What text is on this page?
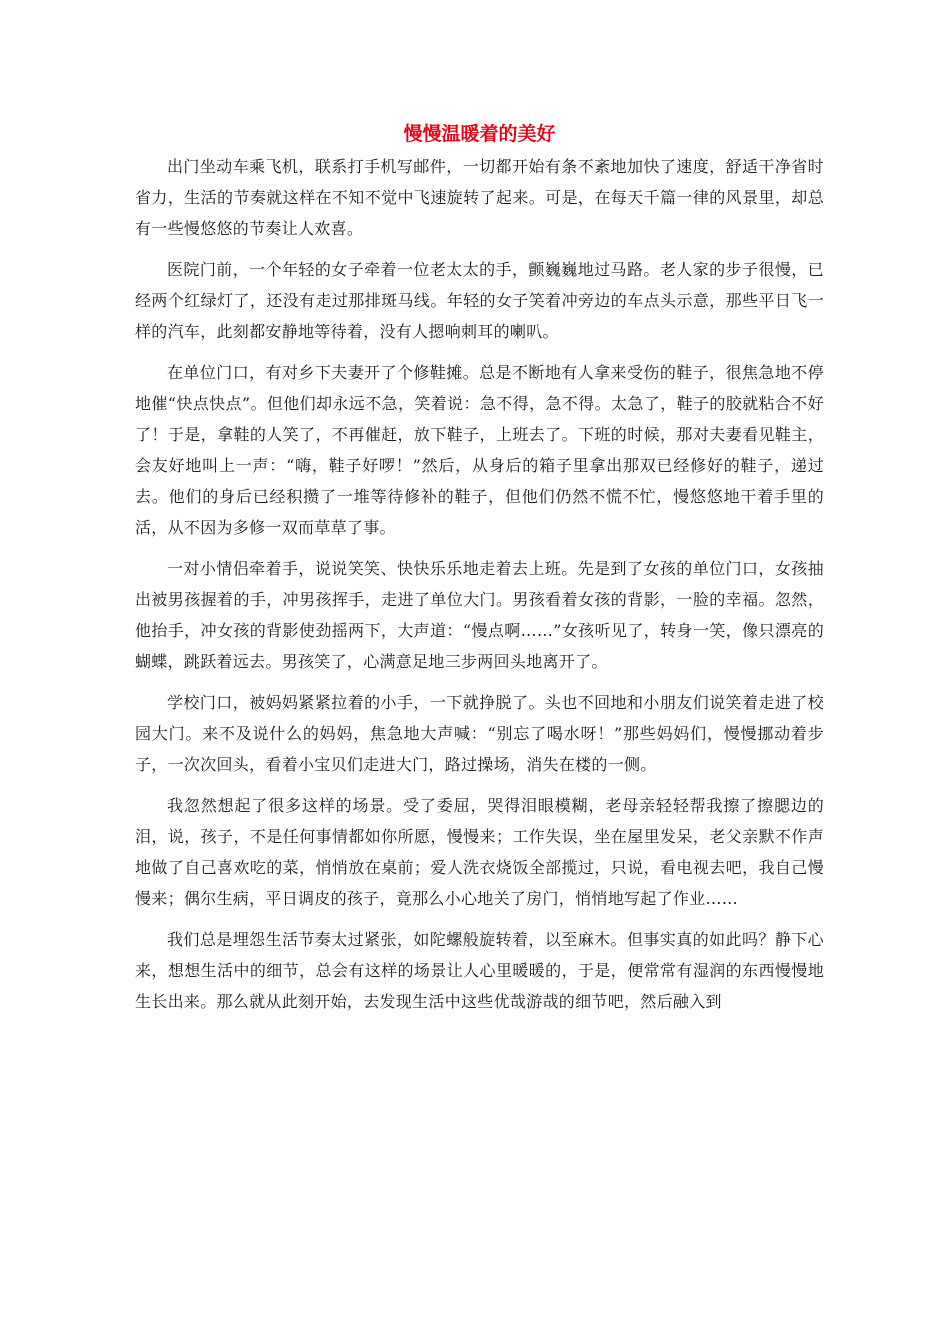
慢慢温暖着的美好

出门坐动车乘飞机，联系打手机写邮件，一切都开始有条不紊地加快了速度，舒适干净省时省力，生活的节奏就这样在不知不觉中飞速旋转了起来。可是，在每天千篇一律的风景里，却总有一些慢悠悠的节奏让人欢喜。

医院门前，一个年轻的女子牵着一位老太太的手，颤巍巍地过马路。老人家的步子很慢，已经两个红绿灯了，还没有走过那排斑马线。年轻的女子笑着冲旁边的车点头示意，那些平日飞一样的汽车，此刻都安静地等待着，没有人摁响刺耳的喇叭。

在单位门口，有对乡下夫妻开了个修鞋摊。总是不断地有人拿来受伤的鞋子，很焦急地不停地催“快点快点”。但他们却永远不急，笑着说：急不得，急不得。太急了，鞋子的胶就粘合不好了！于是，拿鞋的人笑了，不再催赶，放下鞋子，上班去了。下班的时候，那对夫妻看见鞋主，会友好地叫上一声：“嗨，鞋子好啰！”然后，从身后的箱子里拿出那双已经修好的鞋子，递过去。他们的身后已经积攒了一堆等待修补的鞋子，但他们仍然不慌不忙，慢悠悠地干着手里的活，从不因为多修一双而草草了事。

一对小情侣牵着手，说说笑笑、快快乐乐地走着去上班。先是到了女孩的单位门口，女孩抽出被男孩握着的手，冲男孩挥手，走进了单位大门。男孩看着女孩的背影，一脸的幸福。忽然，他抬手，冲女孩的背影使劲摇两下，大声道：“慢点啊……”女孩听见了，转身一笑，像只漂亮的蝴蝶，跳跃着远去。男孩笑了，心满意足地三步两回头地离开了。

学校门口，被妈妈紧紧拉着的小手，一下就挣脱了。头也不回地和小朋友们说笑着走进了校园大门。来不及说什么的妈妈，焦急地大声喊：“别忘了喝水呀！”那些妈妈们，慢慢挪动着步子，一次次回头，看着小宝贝们走进大门，路过操场，消失在楼的一侧。

我忽然想起了很多这样的场景。受了委屈，哭得泪眼模糊，老母亲轻轻帮我擦了擦腮边的泪，说，孩子，不是任何事情都如你所愿，慢慢来；工作失误，坐在屋里发呆，老父亲默不作声地做了自己喜欢吃的菜，悄悄放在桌前；爱人洗衣烧饭全部揽过，只说，看电视去吧，我自己慢慢来；偶尔生病，平日调皮的孩子，竟那么小心地关了房门，悄悄地写起了作业……

我们总是埋怨生活节奏太过紧张，如陀螺般旋转着，以至麻木。但事实真的如此吗？静下心来，想想生活中的细节，总会有这样的场景让人心里暖暖的，于是，便常常有湿润的东西慢慢地生长出来。那么就从此刻开始，去发现生活中这些优哉游哉的细节吧，然后融入到
